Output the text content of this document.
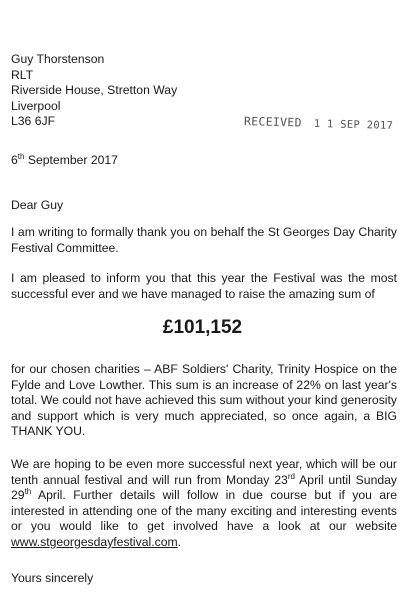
Guy Thorstenson
RLT
Riverside House, Stretton Way
Liverpool
L36 6JF	RECEIVED 1 1 SEP 2017
6th September 2017
Dear Guy
I am writing to formally thank you on behalf the St Georges Day Charity Festival Committee.
I am pleased to inform you that this year the Festival was the most successful ever and we have managed to raise the amazing sum of
£101,152
for our chosen charities – ABF Soldiers' Charity, Trinity Hospice on the Fylde and Love Lowther. This sum is an increase of 22% on last year's total. We could not have achieved this sum without your kind generosity and support which is very much appreciated, so once again, a BIG THANK YOU.
We are hoping to be even more successful next year, which will be our tenth annual festival and will run from Monday 23rd April until Sunday 29th April. Further details will follow in due course but if you are interested in attending one of the many exciting and interesting events or you would like to get involved have a look at our website www.stgeorgesdayfestival.com.
Yours sincerely
